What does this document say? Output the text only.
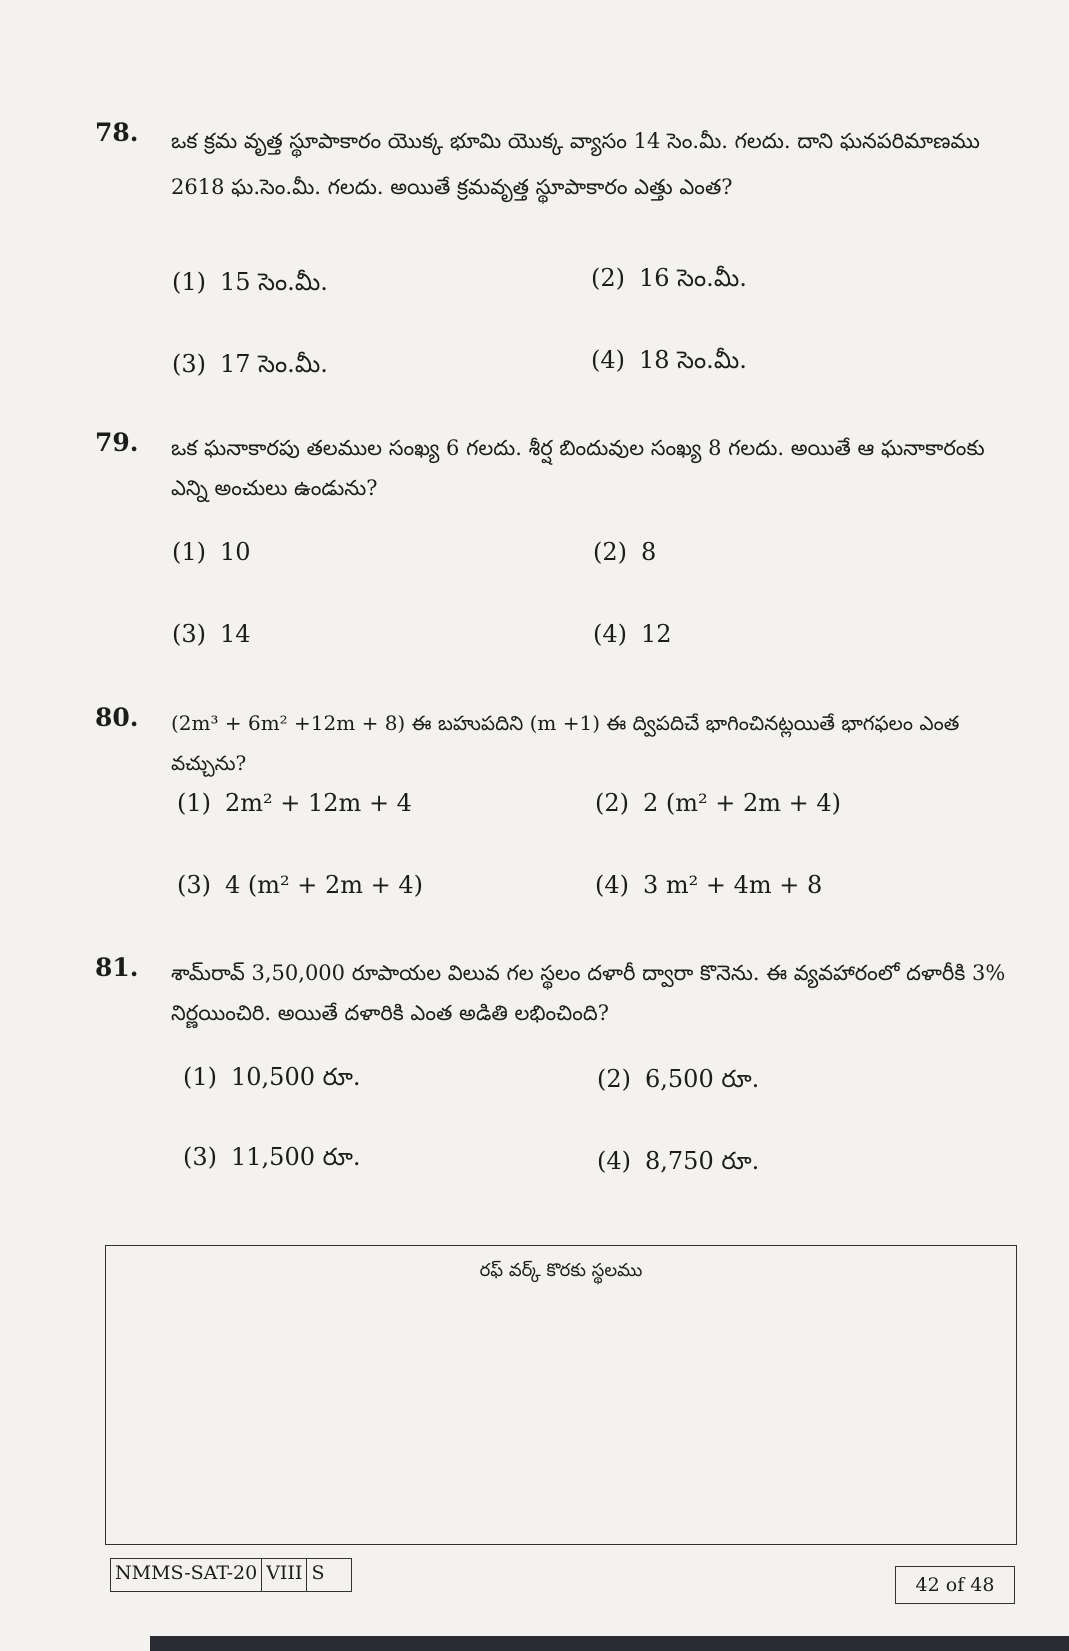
78. ఒక క్రమ వృత్త స్థూపాకారం యొక్క భూమి యొక్క వ్యాసం 14 సెం.మీ. గలదు. దాని ఘనపరిమాణము 2618 ఘ.సెం.మీ. గలదు. అయితే క్రమవృత్త స్థూపాకారం ఎత్తు ఎంత?
(1) 15 సెం.మీ.	(2) 16 సెం.మీ.
(3) 17 సెం.మీ.	(4) 18 సెం.మీ.
79. ఒక ఘనాకారపు తలముల సంఖ్య 6 గలదు. శీర్ష బిందువుల సంఖ్య 8 గలదు. అయితే ఆ ఘనాకారంకు ఎన్ని అంచులు ఉండును?
(1) 10	(2) 8
(3) 14	(4) 12
80. (2m³ + 6m² +12m + 8) ఈ బహుపదిని (m +1) ఈ ద్విపదిచే భాగించినట్లయితే భాగఫలం ఎంత వచ్చును?
(1) 2m² + 12m + 4	(2) 2 (m² + 2m + 4)
(3) 4 (m² + 2m + 4)	(4) 3 m² + 4m + 8
81. శామ్‌రావ్ 3,50,000 రూపాయల విలువ గల స్థలం దళారీ ద్వారా కొనెను. ఈ వ్యవహారంలో దళారీకి 3% నిర్ణయించిరి. అయితే దళారికి ఎంత అడితి లభించింది?
(1) 10,500 రూ.	(2) 6,500 రూ.
(3) 11,500 రూ.	(4) 8,750 రూ.
రఫ్ వర్క్ కొరకు స్థలము
NMMS-SAT-20 VIII S
42 of 48
